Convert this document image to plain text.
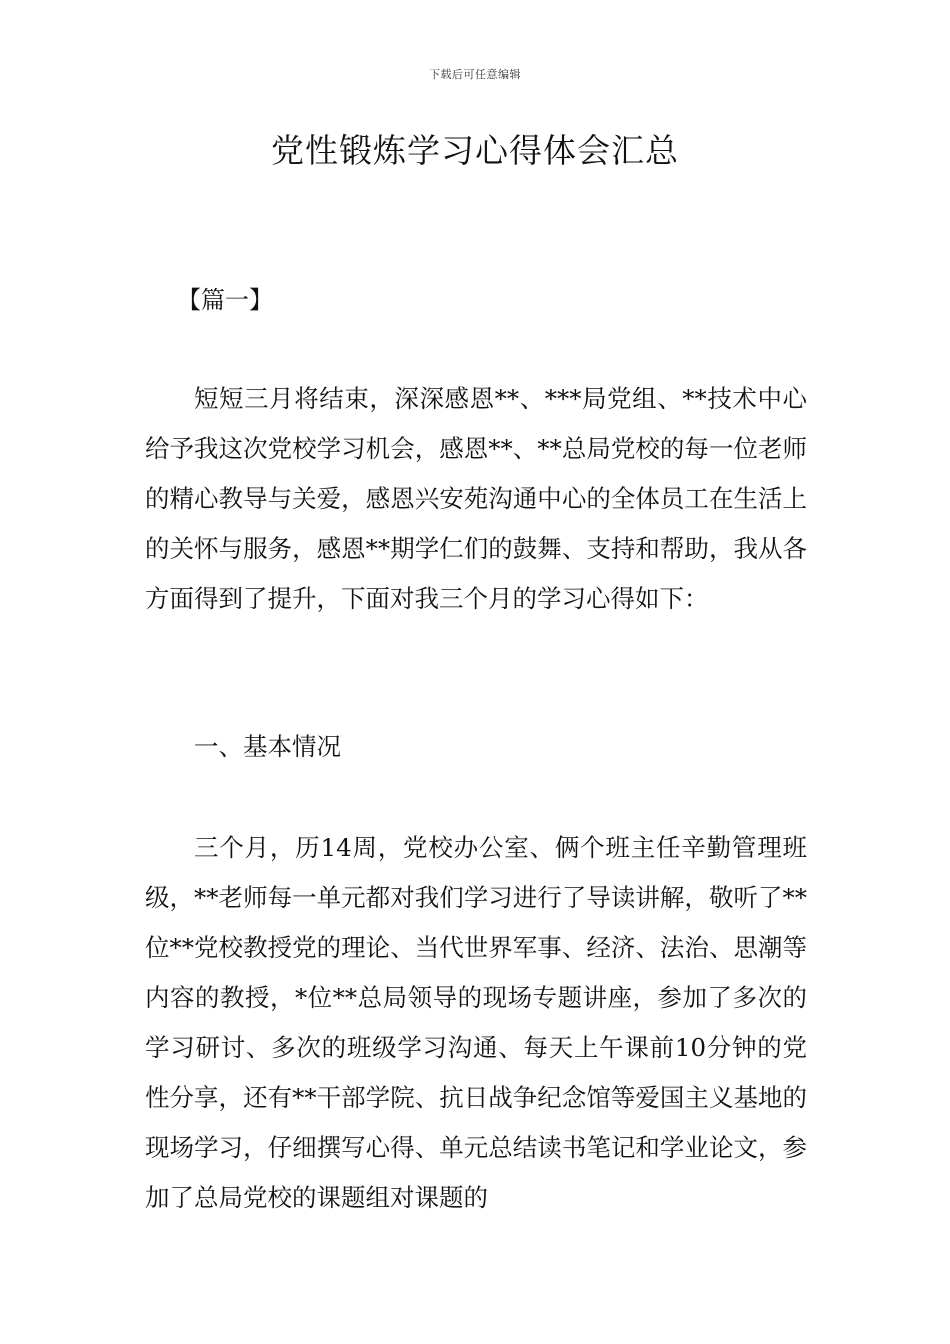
下载后可任意编辑
党性锻炼学习心得体会汇总
【篇一】

短短三月将结束，深深感恩**、***局党组、**技术中心给予我这次党校学习机会，感恩**、**总局党校的每一位老师的精心教导与关爱，感恩兴安苑沟通中心的全体员工在生活上的关怀与服务，感恩**期学仁们的鼓舞、支持和帮助，我从各方面得到了提升，下面对我三个月的学习心得如下：

一、基本情况

三个月，历14周，党校办公室、俩个班主任辛勤管理班级，**老师每一单元都对我们学习进行了导读讲解，敬听了**位**党校教授党的理论、当代世界军事、经济、法治、思潮等内容的教授，*位**总局领导的现场专题讲座，参加了多次的学习研讨、多次的班级学习沟通、每天上午课前10分钟的党性分享，还有**干部学院、抗日战争纪念馆等爱国主义基地的现场学习，仔细撰写心得、单元总结读书笔记和学业论文，参加了总局党校的课题组对课题的
